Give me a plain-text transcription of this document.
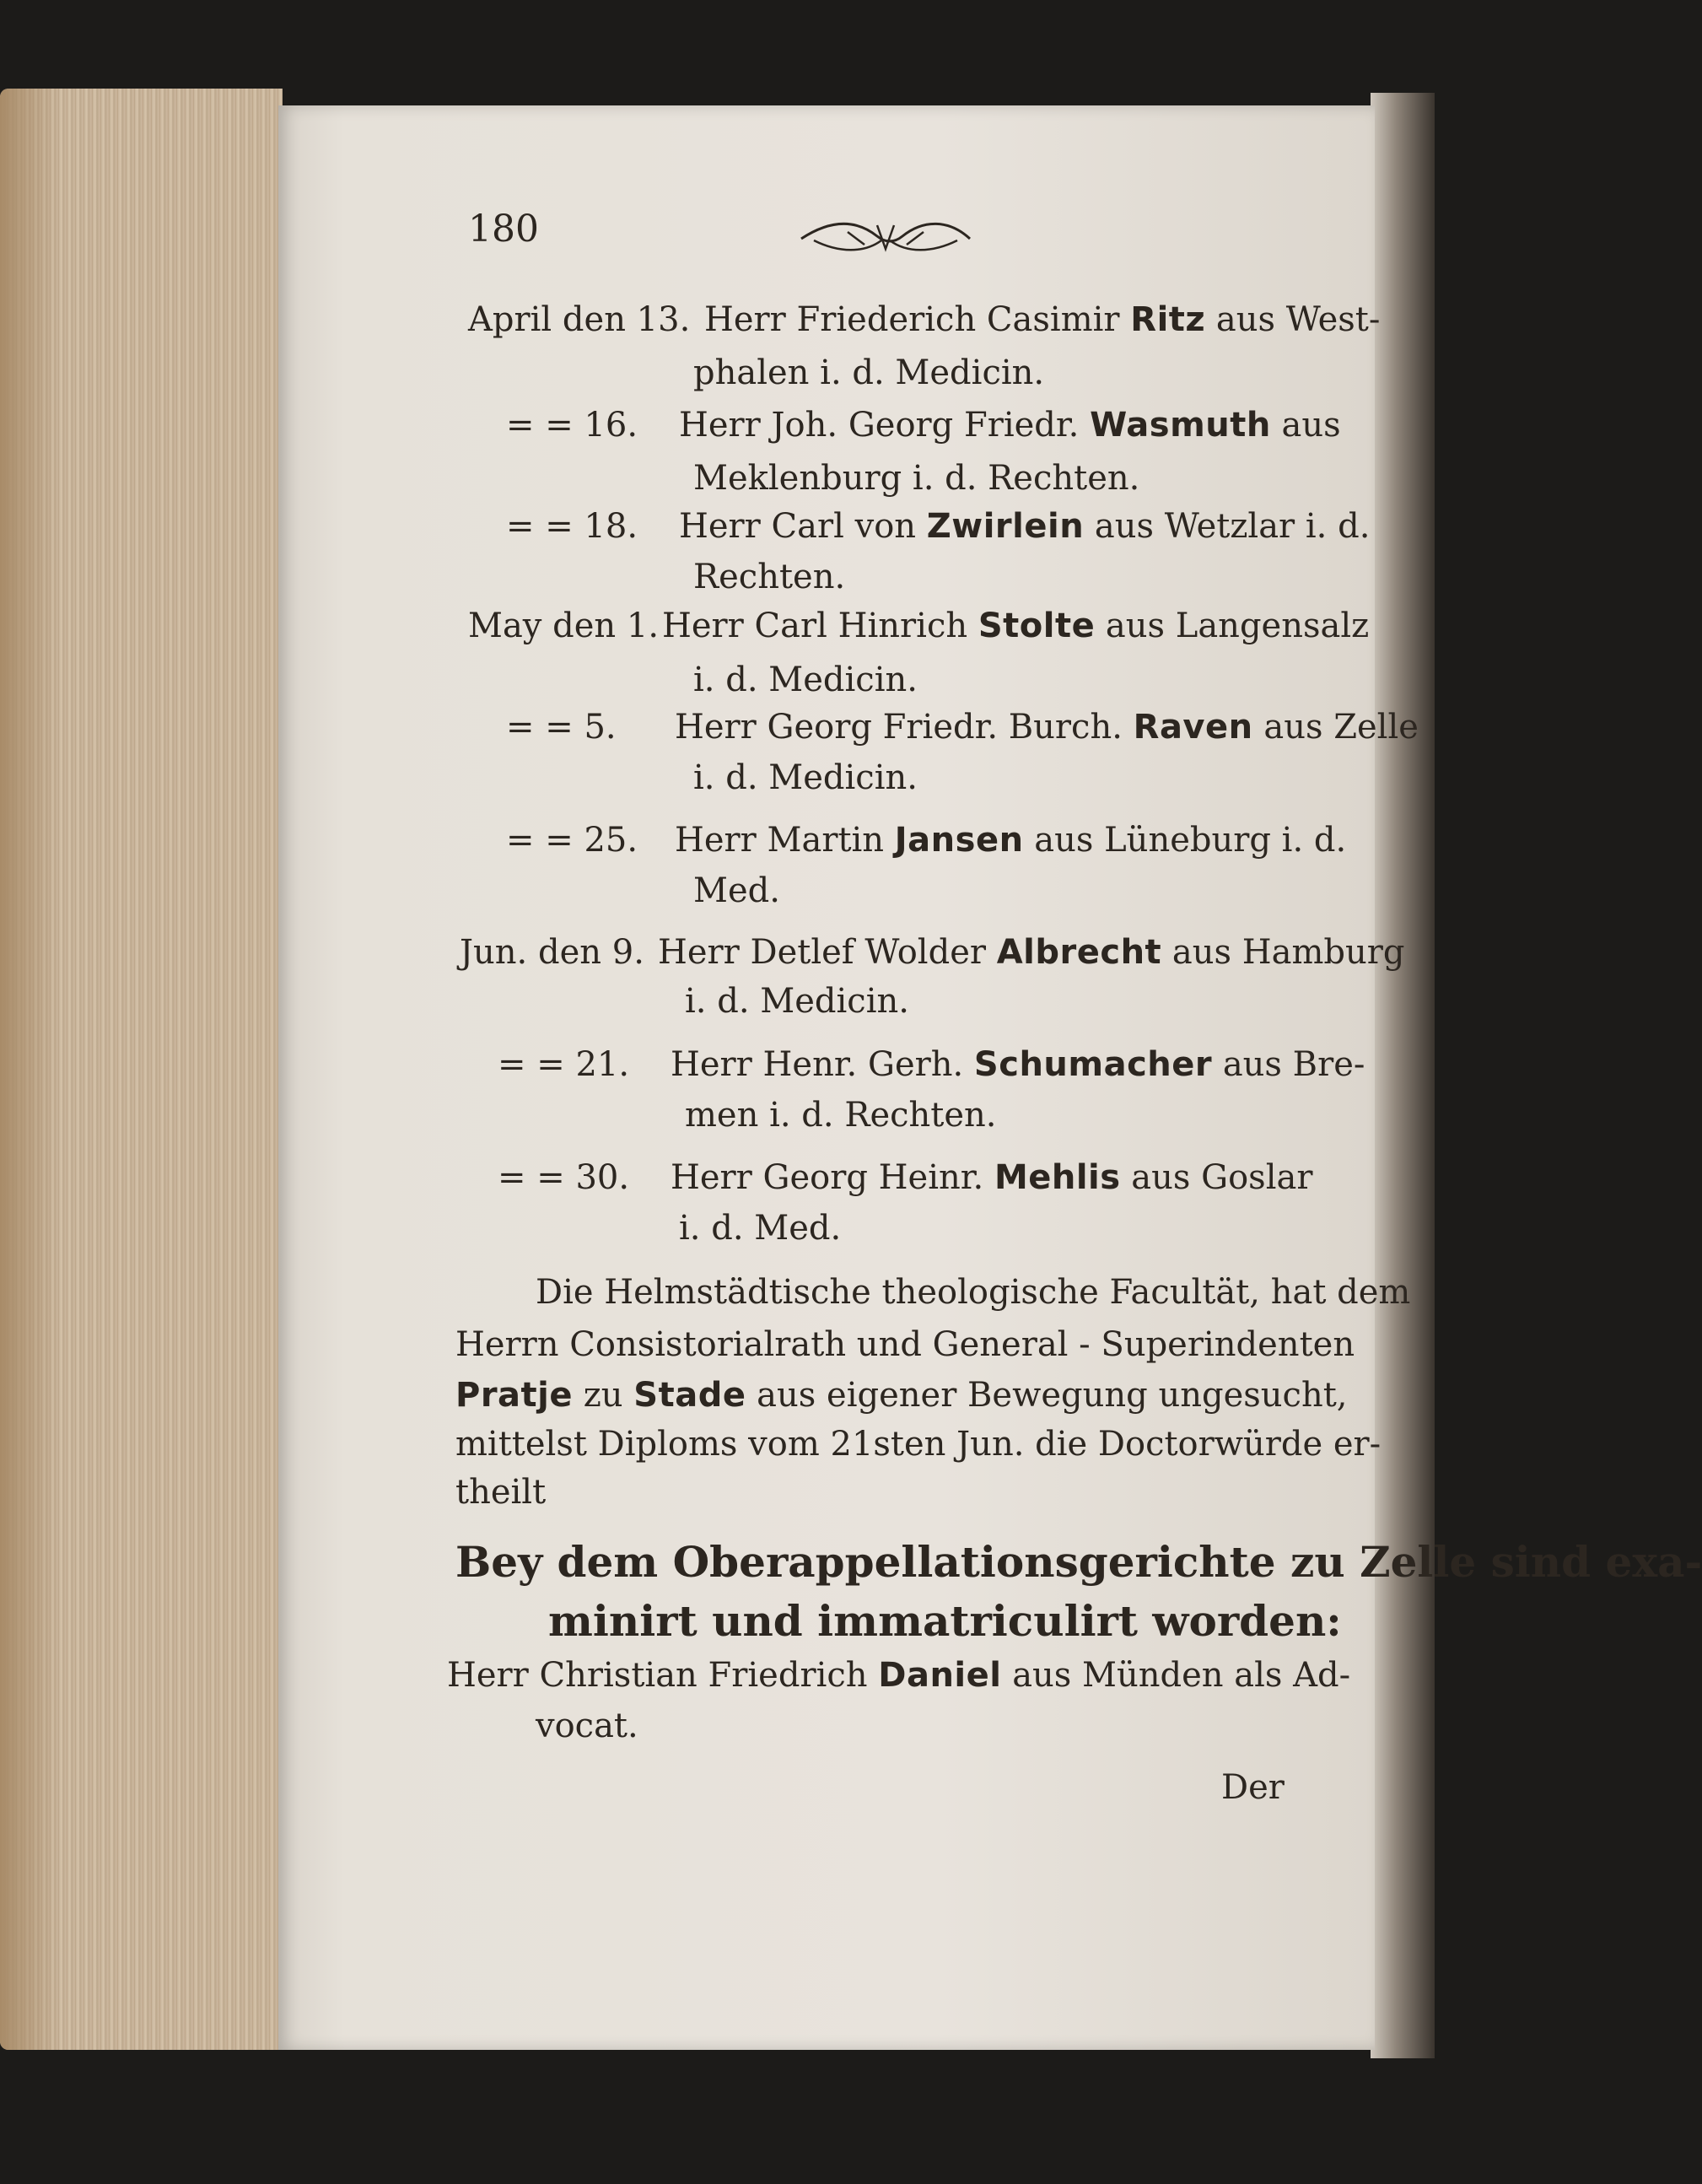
180
April den 13. Herr Friederich Casimir Ritz aus West-
phalen i. d. Medicin.
= = 16. Herr Joh. Georg Friedr. Wasmuth aus
Meklenburg i. d. Rechten.
= = 18. Herr Carl von Zwirlein aus Wetzlar i. d.
Rechten.
May den 1. Herr Carl Hinrich Stolte aus Langensalz
i. d. Medicin.
= = 5. Herr Georg Friedr. Burch. Raven aus Zelle
i. d. Medicin.
= = 25. Herr Martin Jansen aus Lüneburg i. d.
Med.
Jun. den 9. Herr Detlef Wolder Albrecht aus Hamburg
i. d. Medicin.
= = 21. Herr Henr. Gerh. Schumacher aus Bre-
men i. d. Rechten.
= = 30. Herr Georg Heinr. Mehlis aus Goslar
i. d. Med.
Die Helmstädtische theologische Facultät, hat dem
Herrn Consistorialrath und General - Superindenten
Pratje zu Stade aus eigener Bewegung ungesucht,
mittelst Diploms vom 21sten Jun. die Doctorwürde er-
theilt
Bey dem Oberappellationsgerichte zu Zelle sind exa-
minirt und immatriculirt worden:
Herr Christian Friedrich Daniel aus Münden als Ad-
vocat.
Der
